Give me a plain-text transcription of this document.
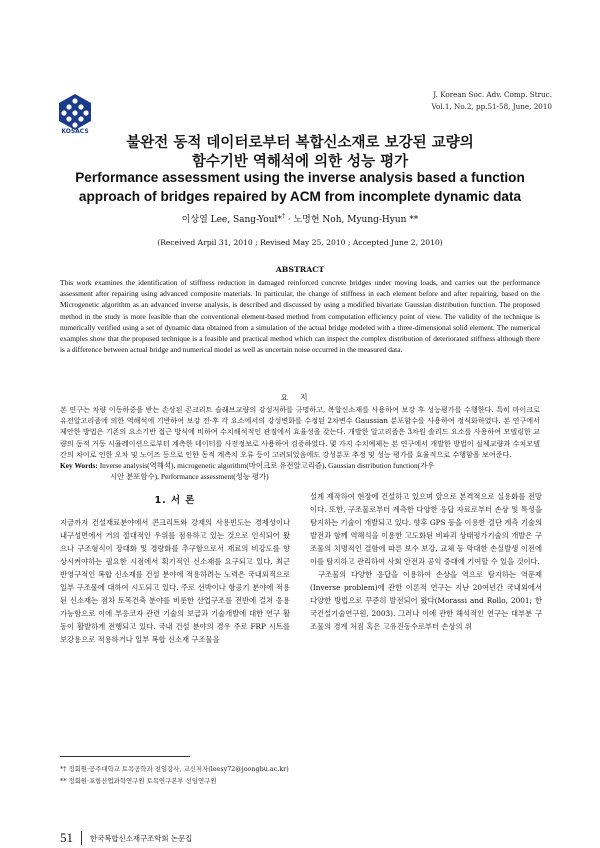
KOSACS
J. Korean Soc. Adv. Comp. Struc.
Vol.1, No.2, pp.51-58, June, 2010
불완전 동적 데이터로부터 복합신소재로 보강된 교량의
함수기반 역해석에 의한 성능 평가
Performance assessment using the inverse analysis based a function
approach of bridges repaired by ACM from incomplete dynamic data
이상열 Lee, Sang-Youl*† · 노명현 Noh, Myung-Hyun **
(Received Arpil 31, 2010 ; Revised May 25, 2010 ; Accepted June 2, 2010)
ABSTRACT
This work examines the identification of stiffness reduction in damaged reinforced concrete bridges under moving loads, and carries out the performance assessment after repairing using advanced composite materials. In particular, the change of stiffness in each element before and after repairing, based on the Microgenetic algorithm as an advanced inverse analysis, is described and discussed by using a modified bivariate Gaussian distribution function. The proposed method in the study is more feasible than the conventional element-based method from computation efficiency point of view. The validity of the technique is numerically verified using a set of dynamic data obtained from a simulation of the actual bridge modeled with a three-dimensional solid element. The numerical examples show that the proposed technique is a feasible and practical method which can inspect the complex distribution of deteriorated stiffness although there is a difference between actual bridge and numerical model as well as uncertain noise occurred in the measured data.
요지
본 연구는 차량 이동하중을 받는 손상된 콘크리트 슬래브교량의 강성저하를 규명하고, 복합신소재를 사용하여 보강 후 성능평가를 수행한다. 특히 마이크로 유전알고리즘에 의한 역해석에 기반하여 보강 전·후 각 요소에서의 강성변화를 수정된 2차변수 Gaussian 분포함수를 사용하여 정식화하였다. 본 연구에서 제안한 방법은 기존의 요소기반 접근 방식에 비하여 수치해석적인 관점에서 효율성을 갖는다. 개발한 알고리즘은 3차원 솔리드 요소를 사용하여 모델링한 교량의 동적 거동 시뮬레이션으로부터 계측한 데이터를 사전정보로 사용하여 검증하였다. 몇 가지 수치예제는 본 연구에서 개발한 방법이 실제교량과 수치모델간의 차이로 인한 오차 및 노이즈 등으로 인한 동적 계측치 오류 등이 고려되었음에도 강성분포 추정 및 성능 평가를 효율적으로 수행함을 보여준다.
Key Words: Inverse analysis(역해석), microgenetic algorithm(마이크로 유전알고리즘), Gaussian distribution function(가우
시안 분포함수), Performance assessment(성능 평가)
1. 서 론
지금까지 건설재료분야에서 콘크리트와 강재의 사용빈도는 경제성이나 내구성면에서 거의 절대적인 우위를 점유하고 있는 것으로 인식되어 왔으나 구조형식이 장대화 및 경량화를 추구함으로서 재료의 비강도를 향상시켜야하는 필요한 시점에서 획기적인 신소재를 요구되고 있다. 최근 반영구적인 복합 신소재를 건설 분야에 적용하려는 노력은 국내외적으로 일부 구조물에 대하여 시도되고 있다. 주로 선박이나 항공기 분야에 적용된 신소재는 점차 토목건축 분야를 비롯한 산업구조를 전반에 걸쳐 응용 가능함으로 이에 부응코자 관련 기술의 보급과 기술개발에 대한 연구 활동이 활발하게 전행되고 있다. 국내 건설 분야의 경우 주로 FRP 시트를 보강용으로 적용하거나 일부 복합 신소재 구조물을
설계 제작하여 현장에 건설하고 있으며 앞으로 본격적으로 실용화를 전망이다. 또한, 구조물로부터 계측한 다양한 응답 자료로부터 손상 및 특성을 탐지하는 기술이 개발되고 있다. 향후 GPS 등을 이용한 결단 계측 기술의 발전과 함께 역해석을 이용한 고도화된 비파괴 상태평가기술의 개발은 구조물의 치명적인 결함에 따른 보수 보강, 교체 등 막대한 손실발생 이전에 이를 탐지하고 관리하여 사회 안전과 공익 증대에 기여할 수 있을 것이다.
구조물의 다양한 응답을 이용하여 손상을 역으로 탐지하는 역문제(Inverse problem)에 관한 이론적 연구는 지난 20여년간 국내외에서 다양한 방법으로 꾸준히 발전되어 왔다(Morassi and Rollo, 2001; 한국건설기술연구원, 2003). 그러나 이에 관한 해석적인 연구는 대부분 구조물의 경계 처짐 혹은 고유진동수로부터 손상의 위
*† 정회원·공주대학교 토목공학과 전임강사, 교신저자(leesy72@joongbu.ac.kr)
** 정회원·포항산업과학연구원 토목연구본부 선임연구원
51 한국복합신소재구조학회 논문집
